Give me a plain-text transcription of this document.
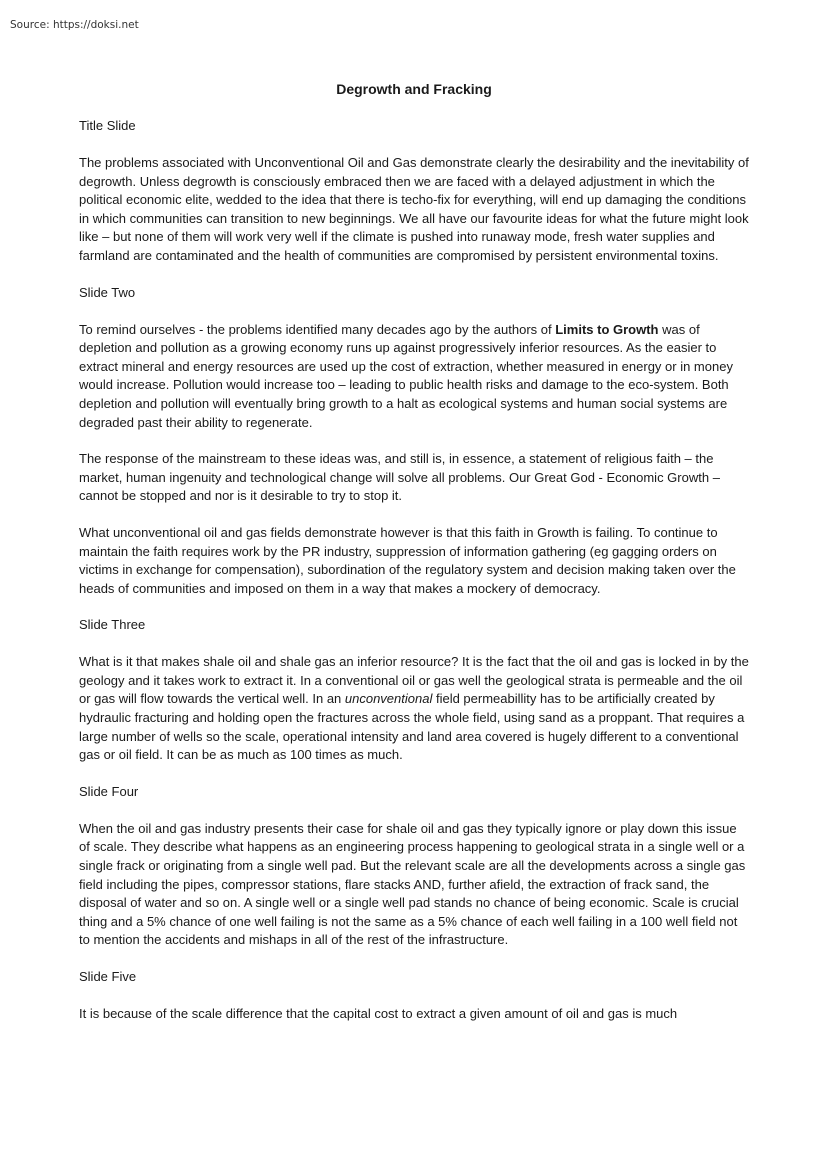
Source: https://doksi.net
Degrowth and Fracking
Title Slide
The problems associated with Unconventional Oil and Gas demonstrate clearly the desirability and the inevitability of degrowth. Unless degrowth is consciously embraced then we are faced with a delayed adjustment in which the political economic elite, wedded to the idea that there is techo-fix for everything, will end up damaging the conditions in which communities can transition to new beginnings. We all have our favourite ideas for what the future might look like – but none of them will work very well if the climate is pushed into runaway mode, fresh water supplies and farmland are contaminated and the health of communities are compromised by persistent environmental toxins.
Slide Two
To remind ourselves - the problems identified many decades ago by the authors of Limits to Growth was of depletion and pollution as a growing economy runs up against progressively inferior resources. As the easier to extract mineral and energy resources are used up the cost of extraction, whether measured in energy or in money would increase. Pollution would increase too – leading to public health risks and damage to the eco-system. Both depletion and pollution will eventually bring growth to a halt as ecological systems and human social systems are degraded past their ability to regenerate.
The response of the mainstream to these ideas was, and still is, in essence, a statement of religious faith – the market, human ingenuity and technological change will solve all problems. Our Great God - Economic Growth – cannot be stopped and nor is it desirable to try to stop it.
What unconventional oil and gas fields demonstrate however is that this faith in Growth is failing. To continue to maintain the faith requires work by the PR industry, suppression of information gathering (eg gagging orders on victims in exchange for compensation), subordination of the regulatory system and decision making taken over the heads of communities and imposed on them in a way that makes a mockery of democracy.
Slide Three
What is it that makes shale oil and shale gas an inferior resource? It is the fact that the oil and gas is locked in by the geology and it takes work to extract it. In a conventional oil or gas well the geological strata is permeable and the oil or gas will flow towards the vertical well. In an unconventional field permeabillity has to be artificially created by hydraulic fracturing and holding open the fractures across the whole field, using sand as a proppant. That requires a large number of wells so the scale, operational intensity and land area covered is hugely different to a conventional gas or oil field. It can be as much as 100 times as much.
Slide Four
When the oil and gas industry presents their case for shale oil and gas they typically ignore or play down this issue of scale. They describe what happens as an engineering process happening to geological strata in a single well or a single frack or originating from a single well pad. But the relevant scale are all the developments across a single gas field including the pipes, compressor stations, flare stacks AND, further afield, the extraction of frack sand, the disposal of water and so on. A single well or a single well pad stands no chance of being economic. Scale is crucial thing and a 5% chance of one well failing is not the same as a 5% chance of each well failing in a 100 well field not to mention the accidents and mishaps in all of the rest of the infrastructure.
Slide Five
It is because of the scale difference that the capital cost to extract a given amount of oil and gas is much
